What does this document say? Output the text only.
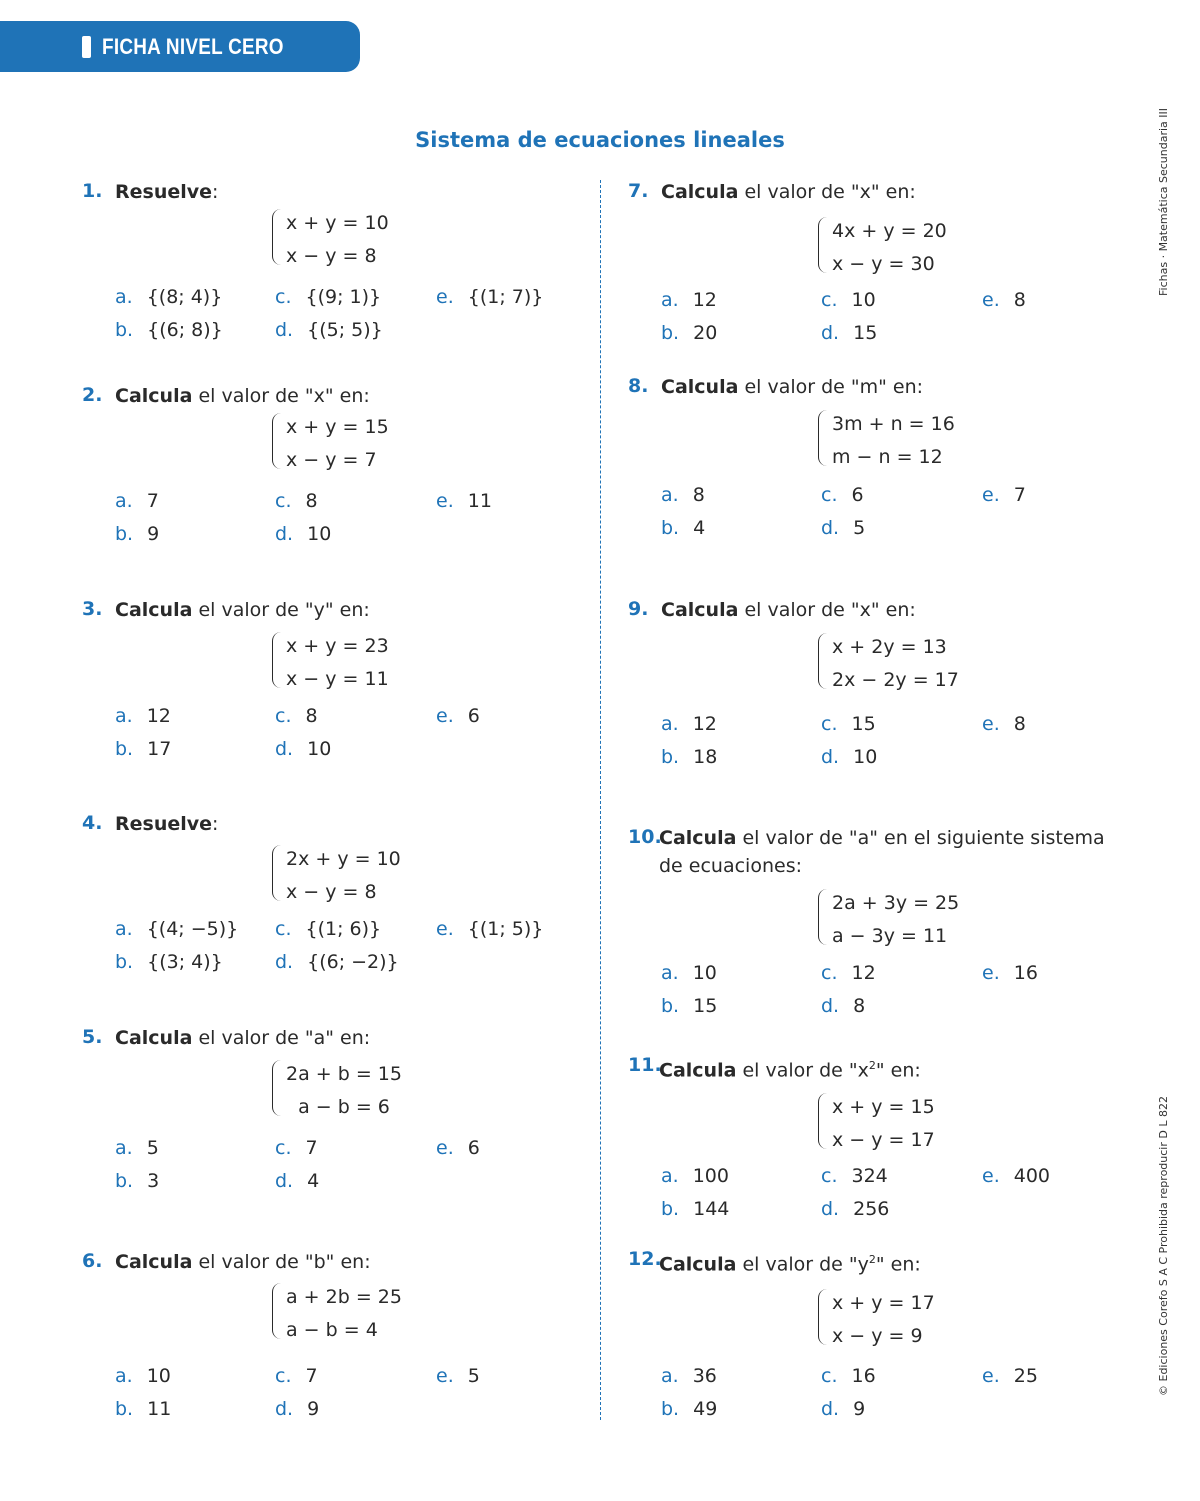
FICHA NIVEL CERO
Sistema de ecuaciones lineales	Fichas · Matemática Secundaria III
© Ediciones Corefo S A C Prohibida reproducir D L 822
1. Resuelve:
x + y = 10
x − y = 8
a. {(8; 4)}
b. {(6; 8)}
c. {(9; 1)}
d. {(5; 5)}
e. {(1; 7)}
2. Calcula el valor de "x" en:
x + y = 15
x − y = 7
a. 7
b. 9
c. 8
d. 10
e. 11
3. Calcula el valor de "y" en:
x + y = 23
x − y = 11
a. 12
b. 17
c. 8
d. 10
e. 6
4. Resuelve:
2x + y = 10
x − y = 8
a. {(4; −5)}
b. {(3; 4)}
c. {(1; 6)}
d. {(6; −2)}
e. {(1; 5)}
5. Calcula el valor de "a" en:
2a + b = 15
a − b = 6
a. 5
b. 3
c. 7
d. 4
e. 6
6. Calcula el valor de "b" en:
a + 2b = 25
a − b = 4
a. 10
b. 11
c. 7
d. 9
e. 5
7. Calcula el valor de "x" en:
4x + y = 20
x − y = 30
a. 12
b. 20
c. 10
d. 15
e. 8
8. Calcula el valor de "m" en:
3m + n = 16
m − n = 12
a. 8
b. 4
c. 6
d. 5
e. 7
9. Calcula el valor de "x" en:
x + 2y = 13
2x − 2y = 17
a. 12
b. 18
c. 15
d. 10
e. 8
10.
Calcula el valor de "a" en el siguiente sistema de ecuaciones:
2a + 3y = 25
a − 3y = 11
a. 10
b. 15
c. 12
d. 8
e. 16
11.
Calcula el valor de "$x^2$" en:
x + y = 15
x − y = 17
a. 100
b. 144
c. 324
d. 256
e. 400
12.
Calcula el valor de "$y^2$" en:
x + y = 17
x − y = 9
a. 36
b. 49
c. 16
d. 9
e. 25
